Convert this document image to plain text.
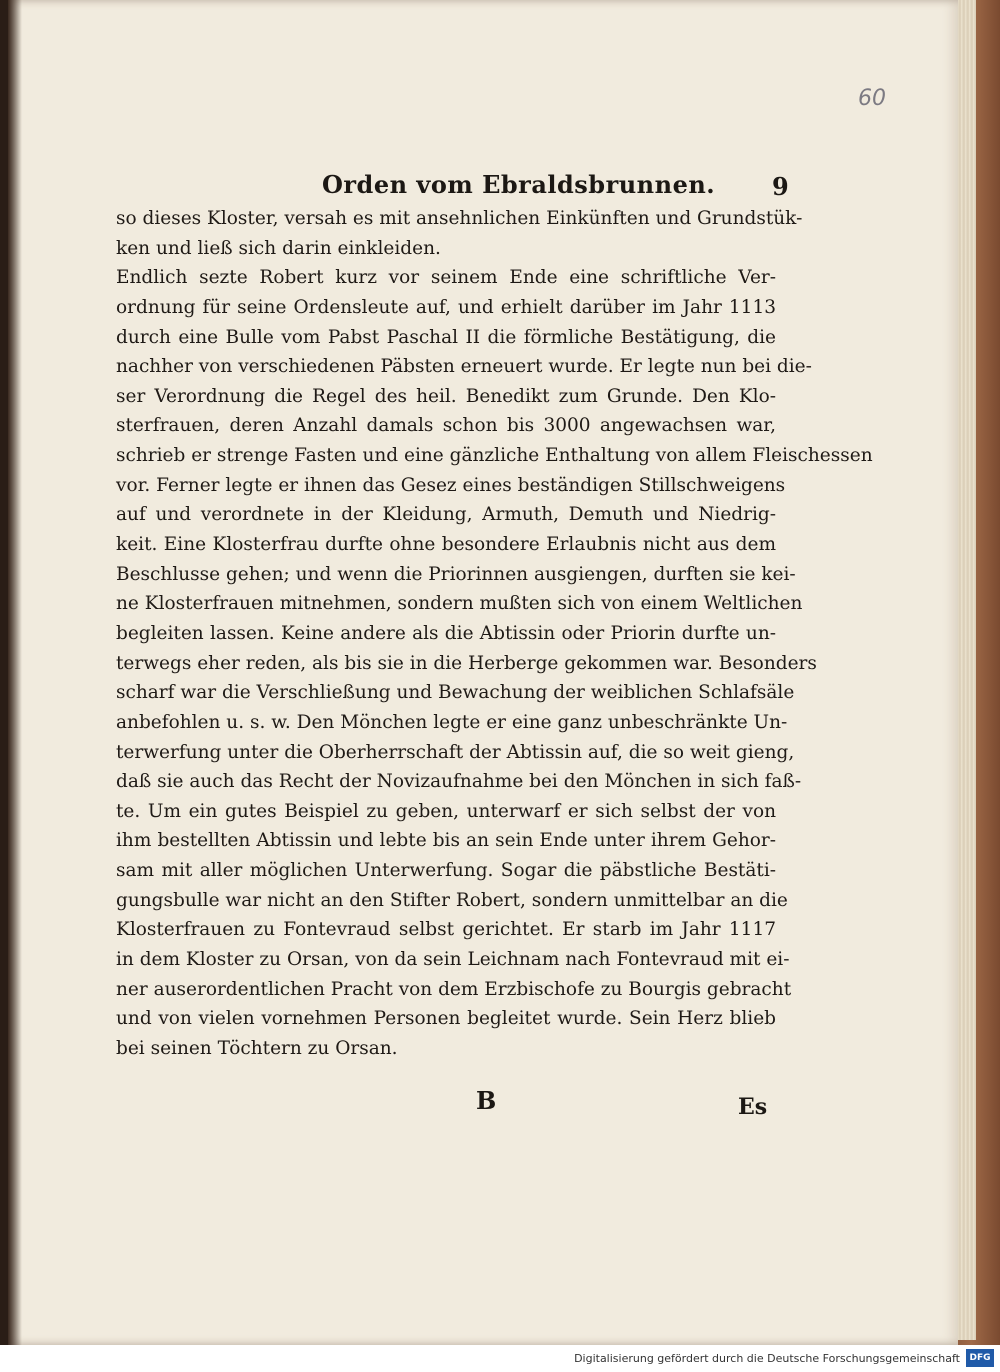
60
Orden vom Ebraldsbrunnen.	9
so dieses Kloster, versah es mit ansehnlichen Einkünften und Grundstük-
ken und ließ sich darin einkleiden.
Endlich sezte Robert kurz vor seinem Ende eine schriftliche Ver-
ordnung für seine Ordensleute auf, und erhielt darüber im Jahr 1113
durch eine Bulle vom Pabst Paschal II die förmliche Bestätigung, die
nachher von verschiedenen Päbsten erneuert wurde. Er legte nun bei die-
ser Verordnung die Regel des heil. Benedikt zum Grunde. Den Klo-
sterfrauen, deren Anzahl damals schon bis 3000 angewachsen war,
schrieb er strenge Fasten und eine gänzliche Enthaltung von allem Fleischessen
vor. Ferner legte er ihnen das Gesez eines beständigen Stillschweigens
auf und verordnete in der Kleidung, Armuth, Demuth und Niedrig-
keit. Eine Klosterfrau durfte ohne besondere Erlaubnis nicht aus dem
Beschlusse gehen; und wenn die Priorinnen ausgiengen, durften sie kei-
ne Klosterfrauen mitnehmen, sondern mußten sich von einem Weltlichen
begleiten lassen. Keine andere als die Abtissin oder Priorin durfte un-
terwegs eher reden, als bis sie in die Herberge gekommen war. Besonders
scharf war die Verschließung und Bewachung der weiblichen Schlafsäle
anbefohlen u. s. w. Den Mönchen legte er eine ganz unbeschränkte Un-
terwerfung unter die Oberherrschaft der Abtissin auf, die so weit gieng,
daß sie auch das Recht der Novizaufnahme bei den Mönchen in sich faß-
te. Um ein gutes Beispiel zu geben, unterwarf er sich selbst der von
ihm bestellten Abtissin und lebte bis an sein Ende unter ihrem Gehor-
sam mit aller möglichen Unterwerfung. Sogar die päbstliche Bestäti-
gungsbulle war nicht an den Stifter Robert, sondern unmittelbar an die
Klosterfrauen zu Fontevraud selbst gerichtet. Er starb im Jahr 1117
in dem Kloster zu Orsan, von da sein Leichnam nach Fontevraud mit ei-
ner auserordentlichen Pracht von dem Erzbischofe zu Bourgis gebracht
und von vielen vornehmen Personen begleitet wurde. Sein Herz blieb
bei seinen Töchtern zu Orsan.
B	Es
Digitalisierung gefördert durch die Deutsche Forschungsgemeinschaft	DFG
